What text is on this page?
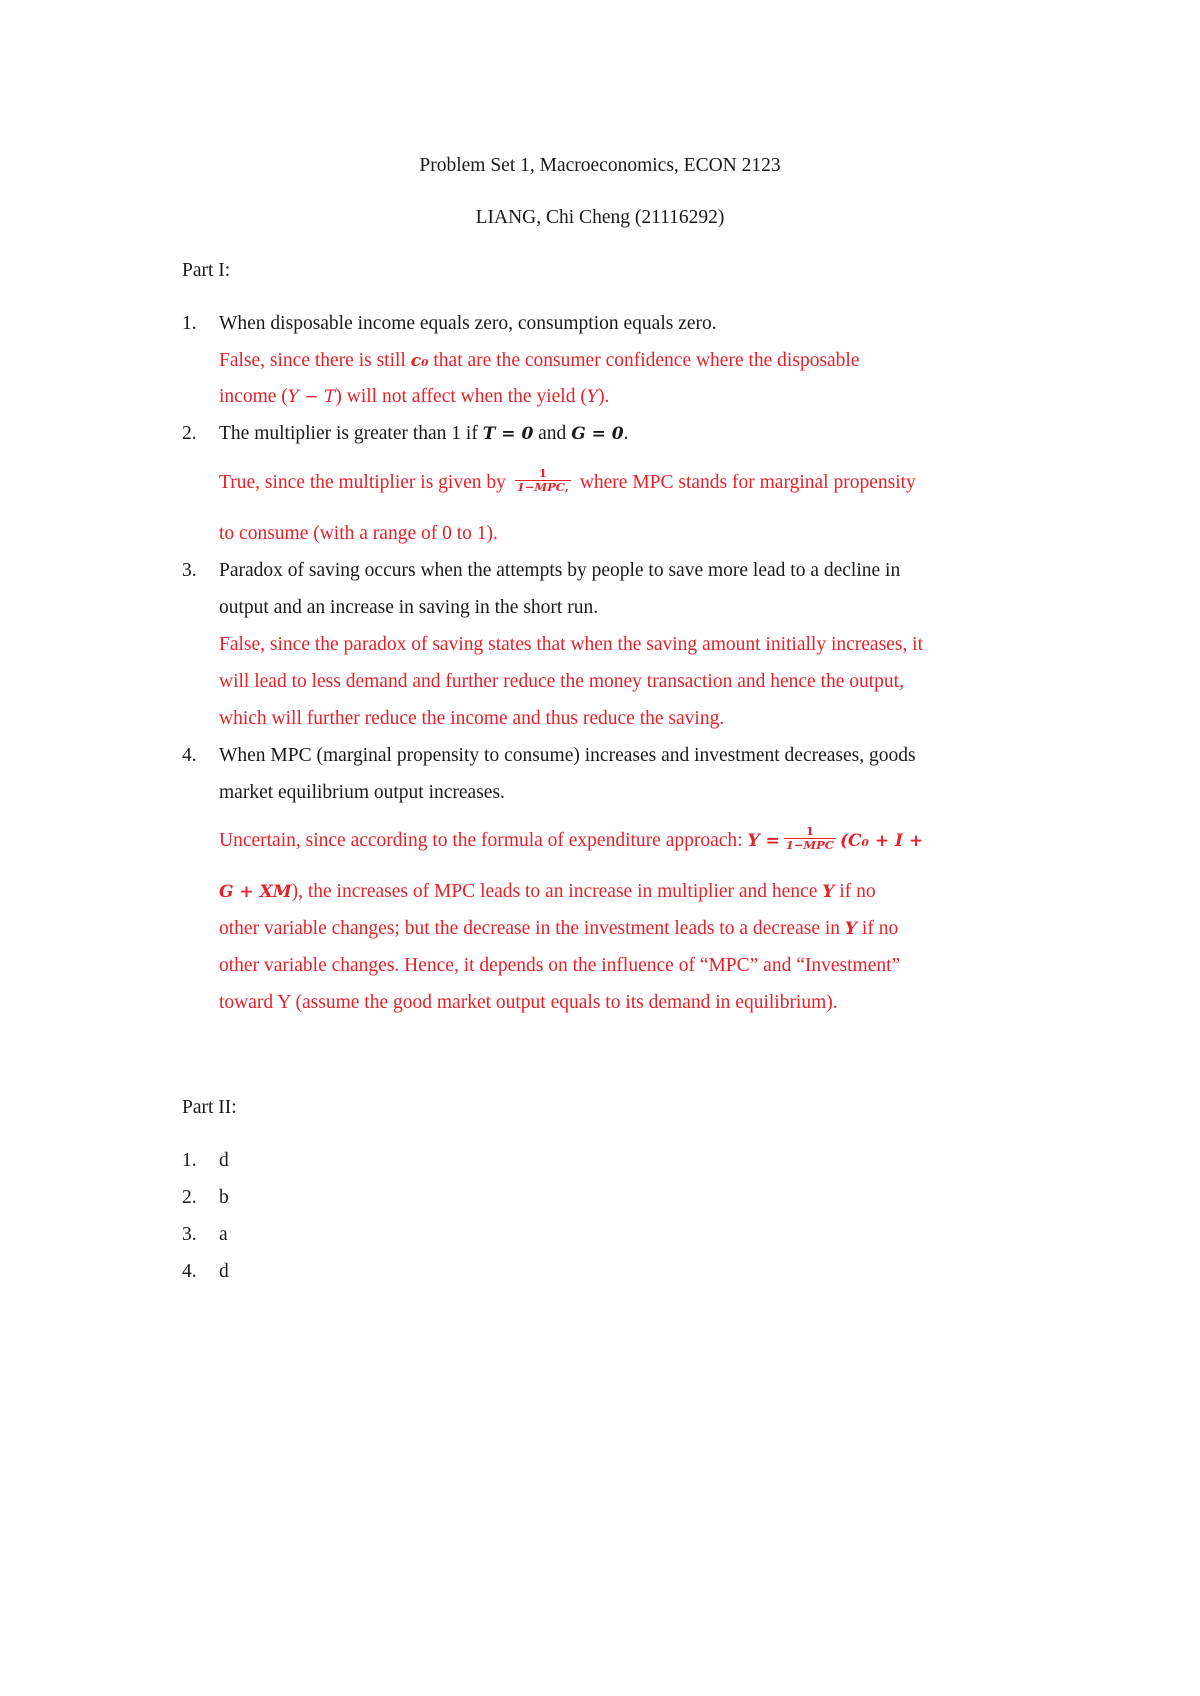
Problem Set 1, Macroeconomics, ECON 2123
LIANG, Chi Cheng (21116292)
Part I:
1.	When disposable income equals zero, consumption equals zero.
False, since there is still c₀ that are the consumer confidence where the disposable
income (Y − T) will not affect when the yield (Y).
2.	The multiplier is greater than 1 if T = 0 and G = 0.
True, since the multiplier is given by $\frac{1}{\text{1−MPC,}}$ where MPC stands for marginal propensity
to consume (with a range of 0 to 1).
3.	Paradox of saving occurs when the attempts by people to save more lead to a decline in
output and an increase in saving in the short run.
False, since the paradox of saving states that when the saving amount initially increases, it
will lead to less demand and further reduce the money transaction and hence the output,
which will further reduce the income and thus reduce the saving.
4.	When MPC (marginal propensity to consume) increases and investment decreases, goods
market equilibrium output increases.
Uncertain, since according to the formula of expenditure approach: $Y = \frac{1}{\text{1−MPC}} (C_0 + I$ +
G + XM), the increases of MPC leads to an increase in multiplier and hence Y if no
other variable changes; but the decrease in the investment leads to a decrease in Y if no
other variable changes. Hence, it depends on the influence of “MPC” and “Investment”
toward Y (assume the good market output equals to its demand in equilibrium).
Part II:
1.	d
2.	b
3.	a
4.	d
